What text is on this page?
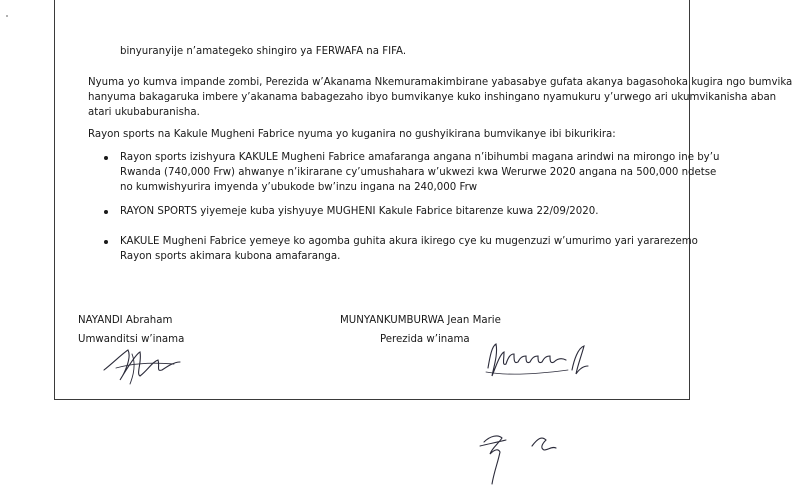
binyuranyije n’amategeko shingiro ya FERWAFA na FIFA.
Nyuma yo kumva impande zombi, Perezida w’Akanama Nkemuramakimbirane yabasabye gufata akanya bagasohoka kugira ngo bumvika
hanyuma bakagaruka imbere y’akanama babagezaho ibyo bumvikanye kuko inshingano nyamukuru y’urwego ari ukumvikanisha aban
atari ukubaburanisha.
Rayon sports na Kakule Mugheni Fabrice nyuma yo kuganira no gushyikirana bumvikanye ibi bikurikira:
Rayon sports izishyura KAKULE Mugheni Fabrice amafaranga angana n’ibihumbi magana arindwi na mirongo ine by’u
Rwanda (740,000 Frw) ahwanye n’ikirarane cy’umushahara w’ukwezi kwa Werurwe 2020 angana na 500,000 ndetse
no kumwishyurira imyenda y’ubukode bw’inzu ingana na 240,000 Frw
RAYON SPORTS yiyemeje kuba yishyuye MUGHENI Kakule Fabrice bitarenze kuwa 22/09/2020.
KAKULE Mugheni Fabrice yemeye ko agomba guhita akura ikirego cye ku mugenzuzi w’umurimo yari yararezemo
Rayon sports akimara kubona amafaranga.
NAYANDI Abraham
Umwanditsi w’inama
MUNYANKUMBURWA Jean Marie
Perezida w’inama
